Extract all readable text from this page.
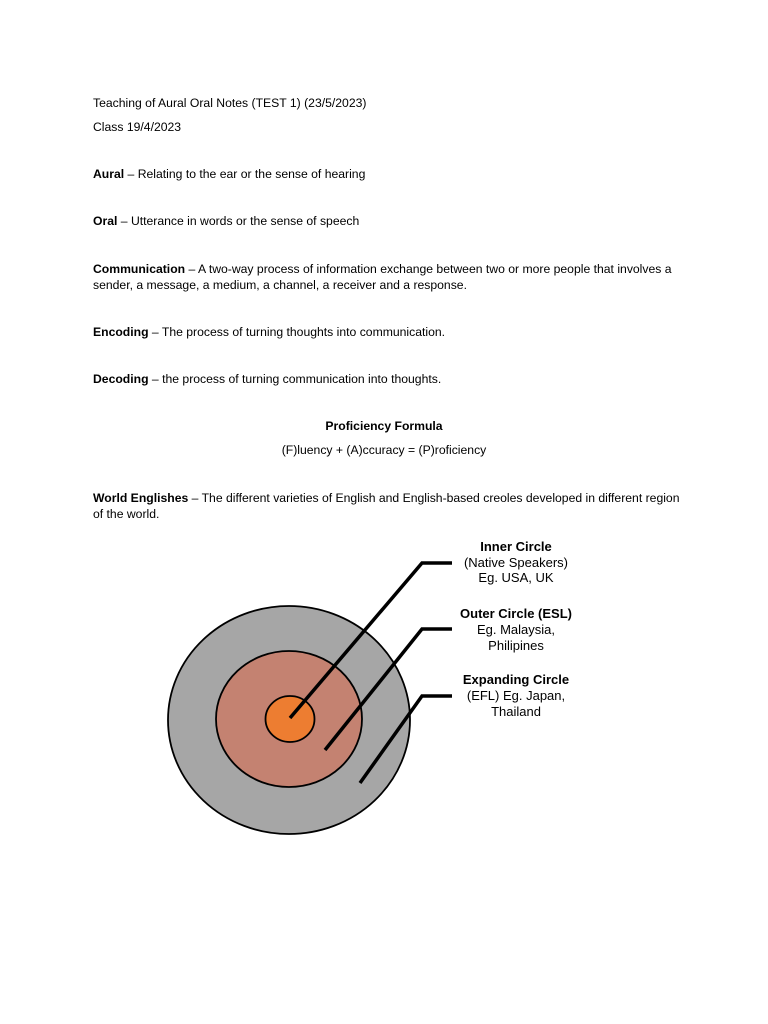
Teaching of Aural Oral Notes (TEST 1) (23/5/2023)

Class 19/4/2023

Aural – Relating to the ear or the sense of hearing

Oral – Utterance in words or the sense of speech

Communication – A two-way process of information exchange between two or more people that involves a sender, a message, a medium, a channel, a receiver and a response.

Encoding – The process of turning thoughts into communication.

Decoding – the process of turning communication into thoughts.

Proficiency Formula
(F)luency + (A)ccuracy = (P)roficiency

World Englishes – The different varieties of English and English-based creoles developed in different region of the world.

Inner Circle
(Native Speakers)
Eg. USA, UK
Outer Circle (ESL)
Eg. Malaysia,
Philipines
Expanding Circle
(EFL) Eg. Japan,
Thailand
